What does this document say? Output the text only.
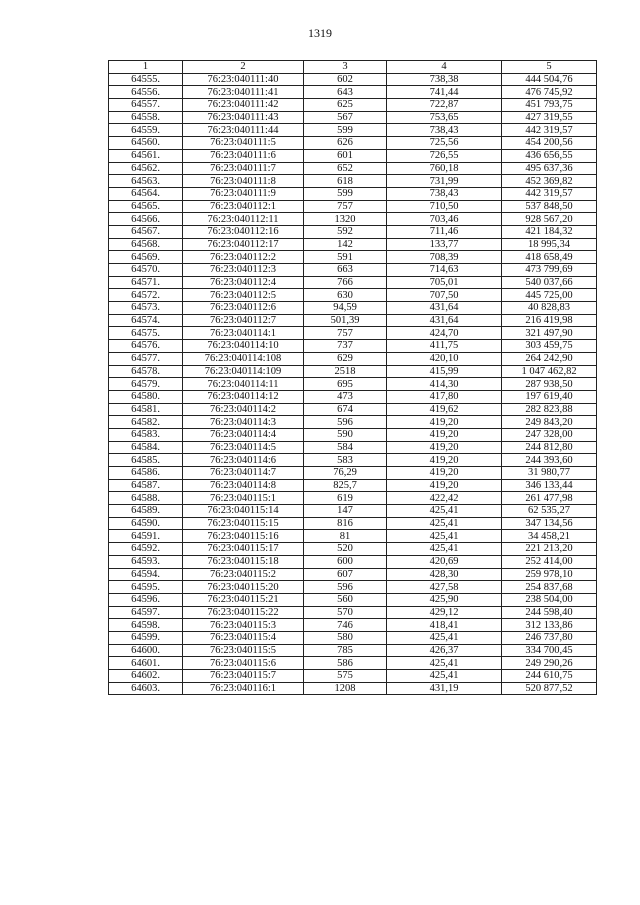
1319
1	2	3	4	5
64555.	76:23:040111:40	602	738,38	444 504,76
64556.	76:23:040111:41	643	741,44	476 745,92
64557.	76:23:040111:42	625	722,87	451 793,75
64558.	76:23:040111:43	567	753,65	427 319,55
64559.	76:23:040111:44	599	738,43	442 319,57
64560.	76:23:040111:5	626	725,56	454 200,56
64561.	76:23:040111:6	601	726,55	436 656,55
64562.	76:23:040111:7	652	760,18	495 637,36
64563.	76:23:040111:8	618	731,99	452 369,82
64564.	76:23:040111:9	599	738,43	442 319,57
64565.	76:23:040112:1	757	710,50	537 848,50
64566.	76:23:040112:11	1320	703,46	928 567,20
64567.	76:23:040112:16	592	711,46	421 184,32
64568.	76:23:040112:17	142	133,77	18 995,34
64569.	76:23:040112:2	591	708,39	418 658,49
64570.	76:23:040112:3	663	714,63	473 799,69
64571.	76:23:040112:4	766	705,01	540 037,66
64572.	76:23:040112:5	630	707,50	445 725,00
64573.	76:23:040112:6	94,59	431,64	40 828,83
64574.	76:23:040112:7	501,39	431,64	216 419,98
64575.	76:23:040114:1	757	424,70	321 497,90
64576.	76:23:040114:10	737	411,75	303 459,75
64577.	76:23:040114:108	629	420,10	264 242,90
64578.	76:23:040114:109	2518	415,99	1 047 462,82
64579.	76:23:040114:11	695	414,30	287 938,50
64580.	76:23:040114:12	473	417,80	197 619,40
64581.	76:23:040114:2	674	419,62	282 823,88
64582.	76:23:040114:3	596	419,20	249 843,20
64583.	76:23:040114:4	590	419,20	247 328,00
64584.	76:23:040114:5	584	419,20	244 812,80
64585.	76:23:040114:6	583	419,20	244 393,60
64586.	76:23:040114:7	76,29	419,20	31 980,77
64587.	76:23:040114:8	825,7	419,20	346 133,44
64588.	76:23:040115:1	619	422,42	261 477,98
64589.	76:23:040115:14	147	425,41	62 535,27
64590.	76:23:040115:15	816	425,41	347 134,56
64591.	76:23:040115:16	81	425,41	34 458,21
64592.	76:23:040115:17	520	425,41	221 213,20
64593.	76:23:040115:18	600	420,69	252 414,00
64594.	76:23:040115:2	607	428,30	259 978,10
64595.	76:23:040115:20	596	427,58	254 837,68
64596.	76:23:040115:21	560	425,90	238 504,00
64597.	76:23:040115:22	570	429,12	244 598,40
64598.	76:23:040115:3	746	418,41	312 133,86
64599.	76:23:040115:4	580	425,41	246 737,80
64600.	76:23:040115:5	785	426,37	334 700,45
64601.	76:23:040115:6	586	425,41	249 290,26
64602.	76:23:040115:7	575	425,41	244 610,75
64603.	76:23:040116:1	1208	431,19	520 877,52
